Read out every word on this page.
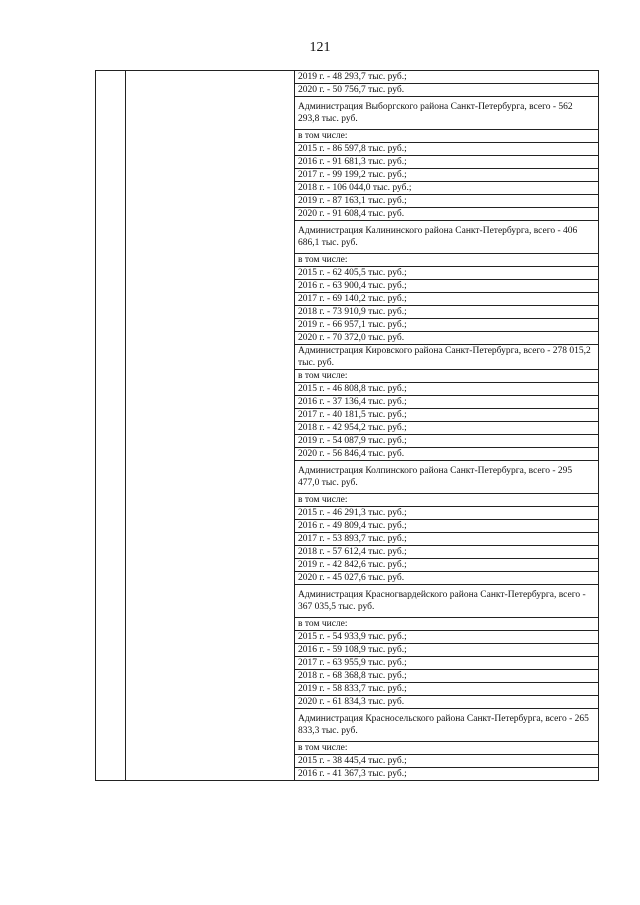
121
		2019 г. - 48 293,7 тыс. руб.;
2020 г. - 50 756,7 тыс. руб.
Администрация Выборгского района Санкт-Петербурга, всего - 562 293,8 тыс. руб.
в том числе:
2015 г. - 86 597,8 тыс. руб.;
2016 г. - 91 681,3 тыс. руб.;
2017 г. - 99 199,2 тыс. руб.;
2018 г. - 106 044,0 тыс. руб.;
2019 г. - 87 163,1 тыс. руб.;
2020 г. - 91 608,4 тыс. руб.
Администрация Калининского района Санкт-Петербурга, всего - 406 686,1 тыс. руб.
в том числе:
2015 г. - 62 405,5 тыс. руб.;
2016 г. - 63 900,4 тыс. руб.;
2017 г. - 69 140,2 тыс. руб.;
2018 г. - 73 910,9 тыс. руб.;
2019 г. - 66 957,1 тыс. руб.;
2020 г. - 70 372,0 тыс. руб.
Администрация Кировского района Санкт-Петербурга, всего - 278 015,2 тыс. руб.
в том числе:
2015 г. - 46 808,8 тыс. руб.;
2016 г. - 37 136,4 тыс. руб.;
2017 г. - 40 181,5 тыс. руб.;
2018 г. - 42 954,2 тыс. руб.;
2019 г. - 54 087,9 тыс. руб.;
2020 г. - 56 846,4 тыс. руб.
Администрация Колпинского района Санкт-Петербурга, всего - 295 477,0 тыс. руб.
в том числе:
2015 г. - 46 291,3 тыс. руб.;
2016 г. - 49 809,4 тыс. руб.;
2017 г. - 53 893,7 тыс. руб.;
2018 г. - 57 612,4 тыс. руб.;
2019 г. - 42 842,6 тыс. руб.;
2020 г. - 45 027,6 тыс. руб.
Администрация Красногвардейского района Санкт-Петербурга, всего - 367 035,5 тыс. руб.
в том числе:
2015 г. - 54 933,9 тыс. руб.;
2016 г. - 59 108,9 тыс. руб.;
2017 г. - 63 955,9 тыс. руб.;
2018 г. - 68 368,8 тыс. руб.;
2019 г. - 58 833,7 тыс. руб.;
2020 г. - 61 834,3 тыс. руб.
Администрация Красносельского района Санкт-Петербурга, всего - 265 833,3 тыс. руб.
в том числе:
2015 г. - 38 445,4 тыс. руб.;
2016 г. - 41 367,3 тыс. руб.;
